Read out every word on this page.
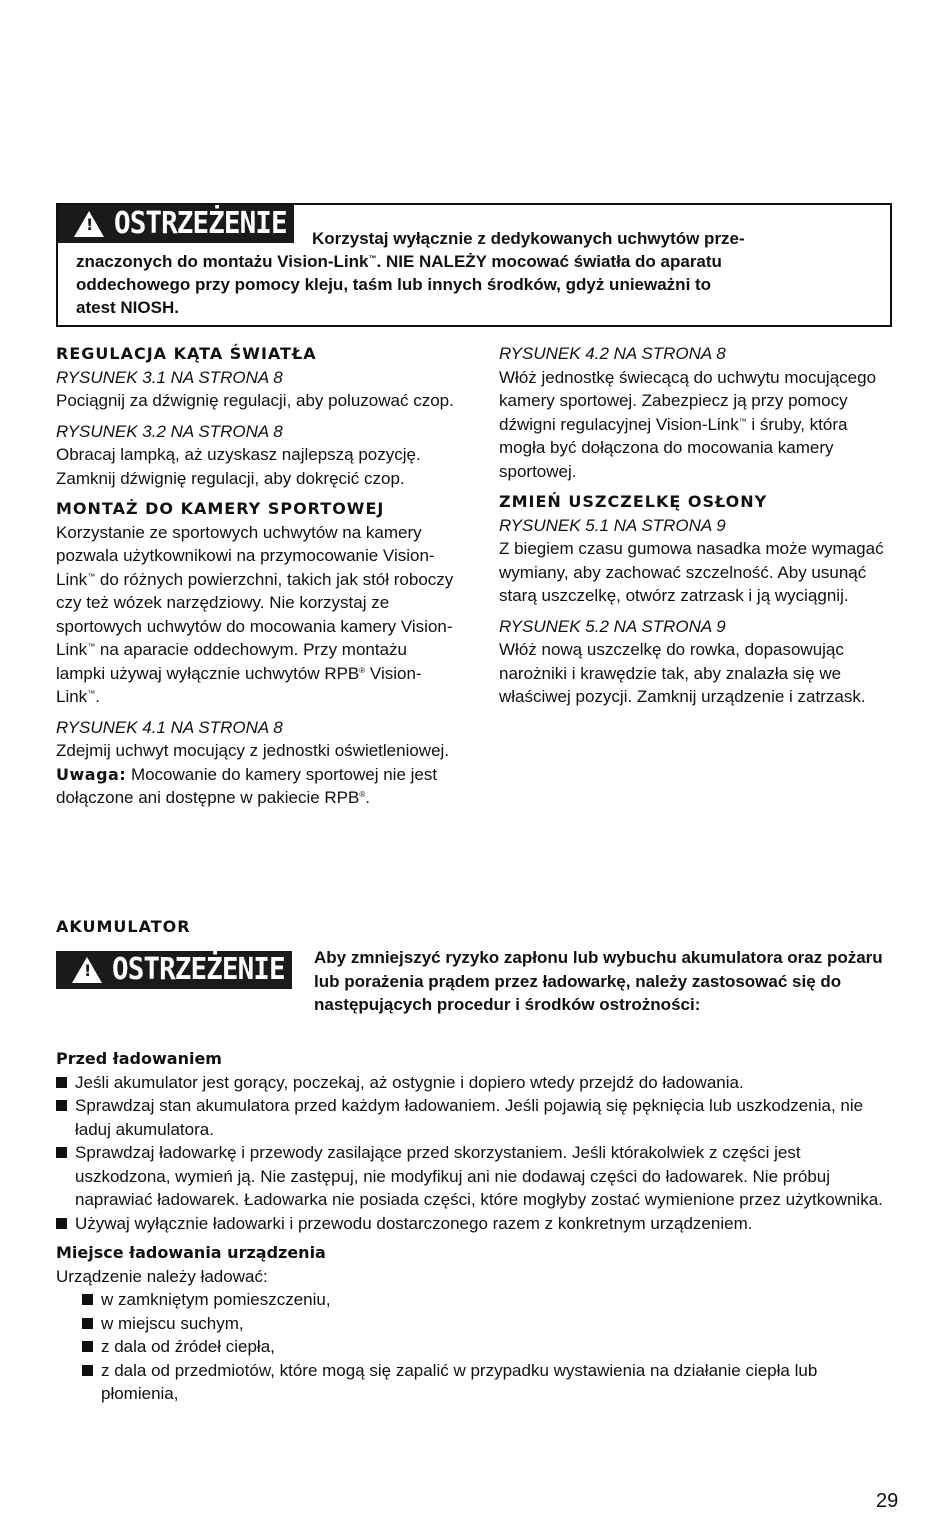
! OSTRZEŻENIE Korzystaj wyłącznie z dedykowanych uchwytów prze-
znaczonych do montażu Vision-Link™. NIE NALEŻY mocować światła do aparatu
oddechowego przy pomocy kleju, taśm lub innych środków, gdyż unieważni to
atest NIOSH.
REGULACJA KĄTA ŚWIATŁA
RYSUNEK 3.1 NA STRONA 8

Pociągnij za dźwignię regulacji, aby poluzować czop.

RYSUNEK 3.2 NA STRONA 8

Obracaj lampką, aż uzyskasz najlepszą pozycję. Zamknij dźwignię regulacji, aby dokręcić czop.

MONTAŻ DO KAMERY SPORTOWEJ

Korzystanie ze sportowych uchwytów na kamery pozwala użytkownikowi na przymocowanie Vision-Link™ do różnych powierzchni, takich jak stół roboczy czy też wózek narzędziowy. Nie korzystaj ze sportowych uchwytów do mocowania kamery Vision-Link™ na aparacie oddechowym. Przy montażu lampki używaj wyłącznie uchwytów RPB® Vision-Link™.

RYSUNEK 4.1 NA STRONA 8

Zdejmij uchwyt mocujący z jednostki oświetleniowej.

Uwaga: Mocowanie do kamery sportowej nie jest dołączone ani dostępne w pakiecie RPB®.

RYSUNEK 4.2 NA STRONA 8

Włóż jednostkę świecącą do uchwytu mocującego kamery sportowej. Zabezpiecz ją przy pomocy dźwigni regulacyjnej Vision-Link™ i śruby, która mogła być dołączona do mocowania kamery sportowej.

ZMIEŃ USZCZELKĘ OSŁONY
RYSUNEK 5.1 NA STRONA 9

Z biegiem czasu gumowa nasadka może wymagać wymiany, aby zachować szczelność. Aby usunąć starą uszczelkę, otwórz zatrzask i ją wyciągnij.

RYSUNEK 5.2 NA STRONA 9

Włóż nową uszczelkę do rowka, dopasowując narożniki i krawędzie tak, aby znalazła się we właściwej pozycji. Zamknij urządzenie i zatrzask.

AKUMULATOR
! OSTRZEŻENIE Aby zmniejszyć ryzyko zapłonu lub wybuchu akumulatora oraz pożaru lub porażenia prądem przez ładowarkę, należy zastosować się do następujących procedur i środków ostrożności:
Przed ładowaniem
Jeśli akumulator jest gorący, poczekaj, aż ostygnie i dopiero wtedy przejdź do ładowania.
Sprawdzaj stan akumulatora przed każdym ładowaniem. Jeśli pojawią się pęknięcia lub uszkodzenia, nie ładuj akumulatora.
Sprawdzaj ładowarkę i przewody zasilające przed skorzystaniem. Jeśli którakolwiek z części jest uszkodzona, wymień ją. Nie zastępuj, nie modyfikuj ani nie dodawaj części do ładowarek. Nie próbuj naprawiać ładowarek. Ładowarka nie posiada części, które mogłyby zostać wymienione przez użytkownika.
Używaj wyłącznie ładowarki i przewodu dostarczonego razem z konkretnym urządzeniem.
Miejsce ładowania urządzenia
Urządzenie należy ładować:
w zamkniętym pomieszczeniu,
w miejscu suchym,
z dala od źródeł ciepła,
z dala od przedmiotów, które mogą się zapalić w przypadku wystawienia na działanie ciepła lub płomienia,
29
